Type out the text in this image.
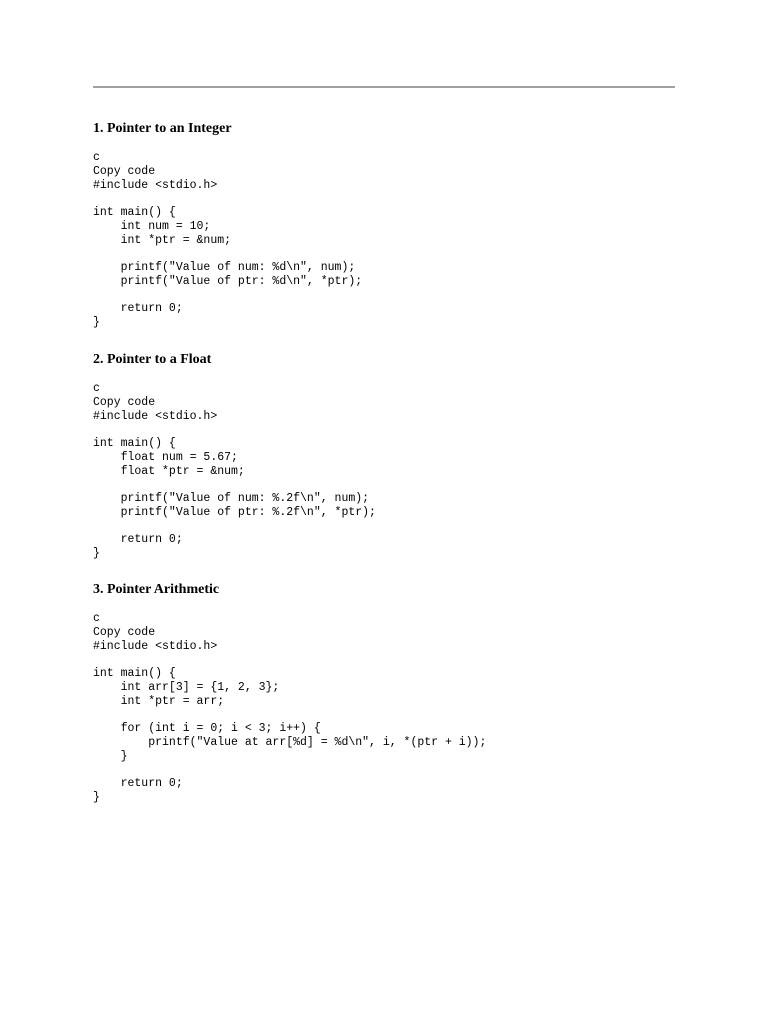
1. Pointer to an Integer
c
Copy code
#include <stdio.h>
int main() {
int num = 10;
int *ptr = &num;
printf("Value of num: %d\n", num);
printf("Value of ptr: %d\n", *ptr);
return 0;
}
2. Pointer to a Float
c
Copy code
#include <stdio.h>
int main() {
float num = 5.67;
float *ptr = &num;
printf("Value of num: %.2f\n", num);
printf("Value of ptr: %.2f\n", *ptr);
return 0;
}
3. Pointer Arithmetic
c
Copy code
#include <stdio.h>
int main() {
int arr[3] = {1, 2, 3};
int *ptr = arr;
for (int i = 0; i < 3; i++) {
printf("Value at arr[%d] = %d\n", i, *(ptr + i));
}
return 0;
}
